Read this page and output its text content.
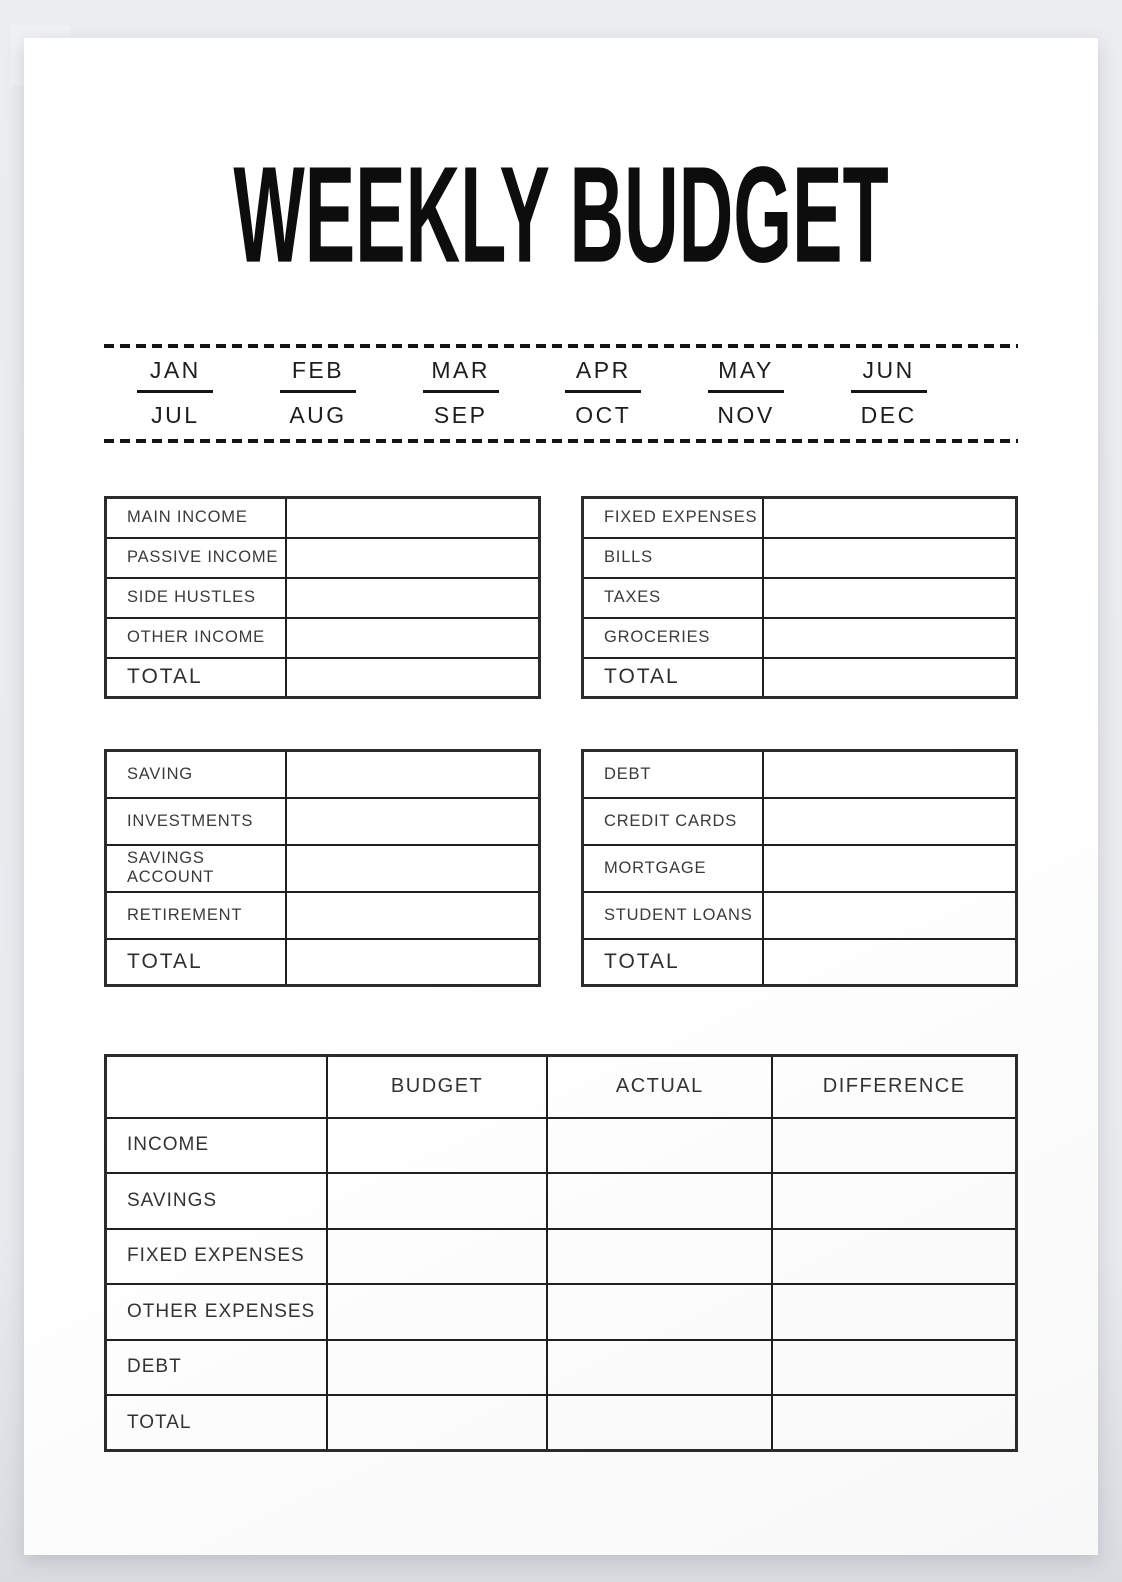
WEEKLY BUDGET
JAN
JUL
FEB
AUG
MAR
SEP
APR
OCT
MAY
NOV
JUN
DEC
MAIN INCOME	
PASSIVE INCOME	
SIDE HUSTLES	
OTHER INCOME	
TOTAL	
FIXED EXPENSES	
BILLS	
TAXES	
GROCERIES	
TOTAL	
SAVING	
INVESTMENTS	
SAVINGS ACCOUNT	
RETIREMENT	
TOTAL	
DEBT	
CREDIT CARDS	
MORTGAGE	
STUDENT LOANS	
TOTAL	
	BUDGET	ACTUAL	DIFFERENCE
INCOME			
SAVINGS			
FIXED EXPENSES			
OTHER EXPENSES			
DEBT			
TOTAL			
